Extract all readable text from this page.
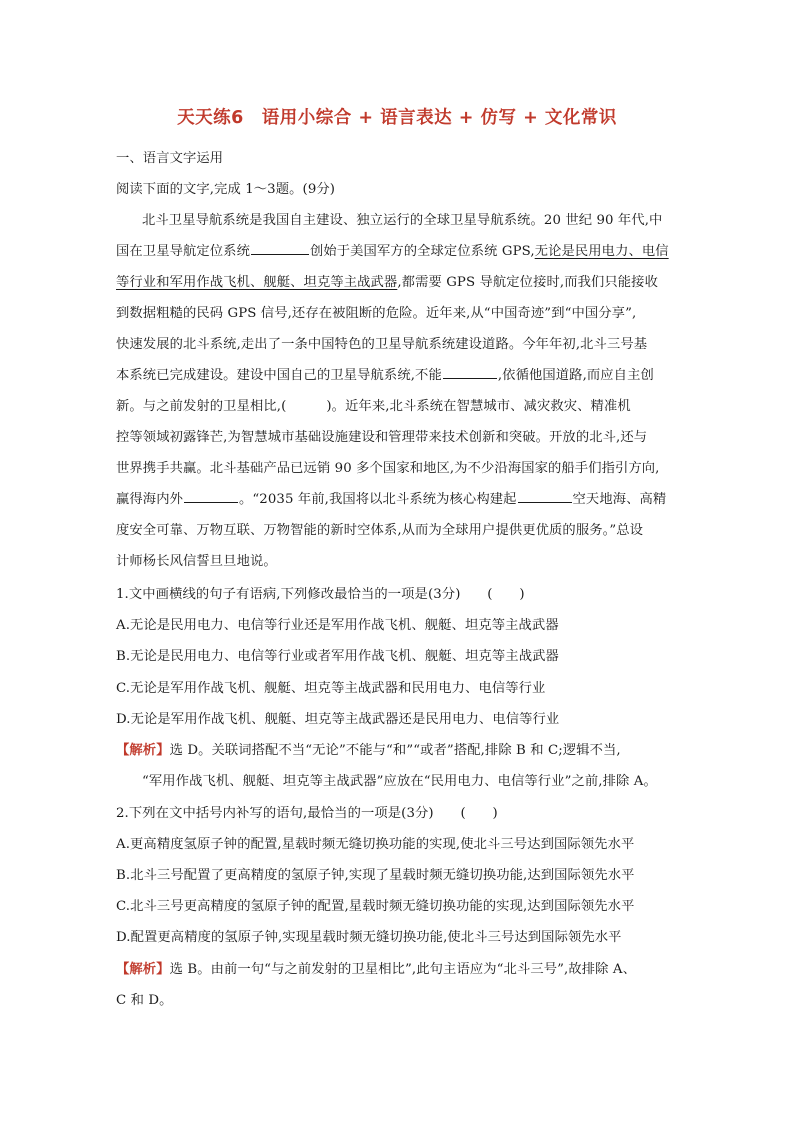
天天练6　语用小综合 + 语言表达 + 仿写 + 文化常识
一、语言文字运用
阅读下面的文字,完成 1～3题。(9分)
北斗卫星导航系统是我国自主建设、独立运行的全球卫星导航系统。20 世纪 90 年代,中
国在卫星导航定位系统	创始于美国军方的全球定位系统 GPS,无论是民用电力、电信
等行业和军用作战飞机、舰艇、坦克等主战武器,都需要 GPS 导航定位接时,而我们只能接收
到数据粗糙的民码 GPS 信号,还存在被阻断的危险。近年来,从“中国奇迹”到“中国分享”,
快速发展的北斗系统,走出了一条中国特色的卫星导航系统建设道路。今年年初,北斗三号基
本系统已完成建设。建设中国自己的卫星导航系统,不能	,依循他国道路,而应自主创
新。与之前发射的卫星相比,(	)。近年来,北斗系统在智慧城市、减灾救灾、精准机
控等领域初露锋芒,为智慧城市基础设施建设和管理带来技术创新和突破。开放的北斗,还与
世界携手共赢。北斗基础产品已远销 90 多个国家和地区,为不少沿海国家的船手们指引方向,
赢得海内外	。“2035 年前,我国将以北斗系统为核心构建起	空天地海、高精
度安全可靠、万物互联、万物智能的新时空体系,从而为全球用户提供更优质的服务。”总设
计师杨长风信誓旦旦地说。
1.文中画横线的句子有语病,下列修改最恰当的一项是(3分)　　(　　)
A.无论是民用电力、电信等行业还是军用作战飞机、舰艇、坦克等主战武器
B.无论是民用电力、电信等行业或者军用作战飞机、舰艇、坦克等主战武器
C.无论是军用作战飞机、舰艇、坦克等主战武器和民用电力、电信等行业
D.无论是军用作战飞机、舰艇、坦克等主战武器还是民用电力、电信等行业
【解析】选 D。关联词搭配不当“无论”不能与“和”“或者”搭配,排除 B 和 C;逻辑不当,
“军用作战飞机、舰艇、坦克等主战武器”应放在“民用电力、电信等行业”之前,排除 A。
2.下列在文中括号内补写的语句,最恰当的一项是(3分)　　(　　)
A.更高精度氢原子钟的配置,星载时频无缝切换功能的实现,使北斗三号达到国际领先水平
B.北斗三号配置了更高精度的氢原子钟,实现了星载时频无缝切换功能,达到国际领先水平
C.北斗三号更高精度的氢原子钟的配置,星载时频无缝切换功能的实现,达到国际领先水平
D.配置更高精度的氢原子钟,实现星载时频无缝切换功能,使北斗三号达到国际领先水平
【解析】选 B。由前一句“与之前发射的卫星相比”,此句主语应为“北斗三号”,故排除 A、
C 和 D。
